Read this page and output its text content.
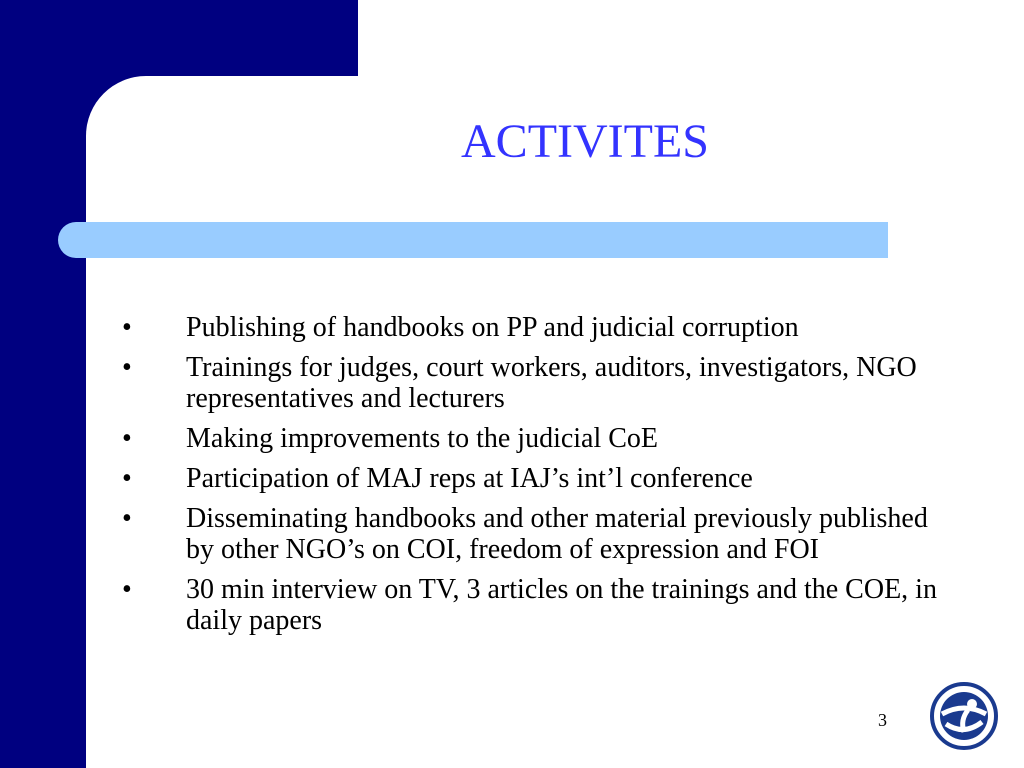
ACTIVITES
• Publishing of handbooks on PP and judicial corruption
• Trainings for judges, court workers, auditors, investigators, NGO representatives and lecturers
• Making improvements to the judicial CoE
• Participation of MAJ reps at IAJ’s int’l conference
• Disseminating handbooks and other material previously published by other NGO’s on COI, freedom of expression and FOI
• 30 min interview on TV, 3 articles on the trainings and the COE, in daily papers
3
